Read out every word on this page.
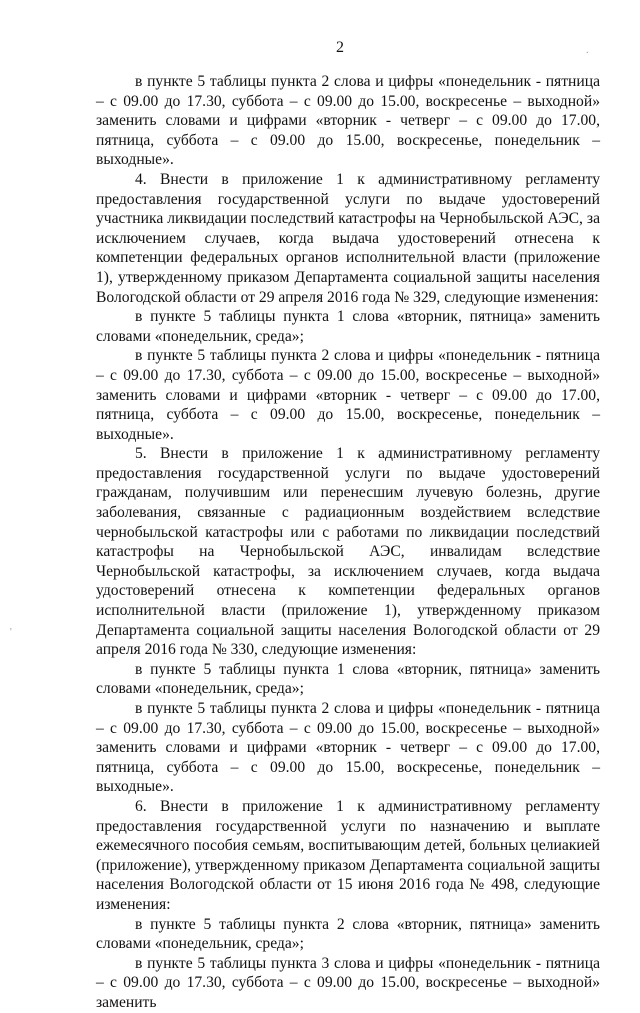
2	.
'

в пункте 5 таблицы пункта 2 слова и цифры «понедельник - пятница – с 09.00 до 17.30, суббота – с 09.00 до 15.00, воскресенье – выходной» заменить словами и цифрами «вторник - четверг – с 09.00 до 17.00, пятница, суббота – с 09.00 до 15.00, воскресенье, понедельник – выходные».

4. Внести в приложение 1 к административному регламенту предоставления государственной услуги по выдаче удостоверений участника ликвидации последствий катастрофы на Чернобыльской АЭС, за исключением случаев, когда выдача удостоверений отнесена к компетенции федеральных органов исполнительной власти (приложение 1), утвержденному приказом Департамента социальной защиты населения Вологодской области от 29 апреля 2016 года № 329, следующие изменения:

в пункте 5 таблицы пункта 1 слова «вторник, пятница» заменить словами «понедельник, среда»;

в пункте 5 таблицы пункта 2 слова и цифры «понедельник - пятница – с 09.00 до 17.30, суббота – с 09.00 до 15.00, воскресенье – выходной» заменить словами и цифрами «вторник - четверг – с 09.00 до 17.00, пятница, суббота – с 09.00 до 15.00, воскресенье, понедельник – выходные».

5. Внести в приложение 1 к административному регламенту предоставления государственной услуги по выдаче удостоверений гражданам, получившим или перенесшим лучевую болезнь, другие заболевания, связанные с радиационным воздействием вследствие чернобыльской катастрофы или с работами по ликвидации последствий катастрофы на Чернобыльской АЭС, инвалидам вследствие Чернобыльской катастрофы, за исключением случаев, когда выдача удостоверений отнесена к компетенции федеральных органов исполнительной власти (приложение 1), утвержденному приказом Департамента социальной защиты населения Вологодской области от 29 апреля 2016 года № 330, следующие изменения:

в пункте 5 таблицы пункта 1 слова «вторник, пятница» заменить словами «понедельник, среда»;

в пункте 5 таблицы пункта 2 слова и цифры «понедельник - пятница – с 09.00 до 17.30, суббота – с 09.00 до 15.00, воскресенье – выходной» заменить словами и цифрами «вторник - четверг – с 09.00 до 17.00, пятница, суббота – с 09.00 до 15.00, воскресенье, понедельник – выходные».

6. Внести в приложение 1 к административному регламенту предоставления государственной услуги по назначению и выплате ежемесячного пособия семьям, воспитывающим детей, больных целиакией (приложение), утвержденному приказом Департамента социальной защиты населения Вологодской области от 15 июня 2016 года № 498, следующие изменения:

в пункте 5 таблицы пункта 2 слова «вторник, пятница» заменить словами «понедельник, среда»;

в пункте 5 таблицы пункта 3 слова и цифры «понедельник - пятница – с 09.00 до 17.30, суббота – с 09.00 до 15.00, воскресенье – выходной» заменить
